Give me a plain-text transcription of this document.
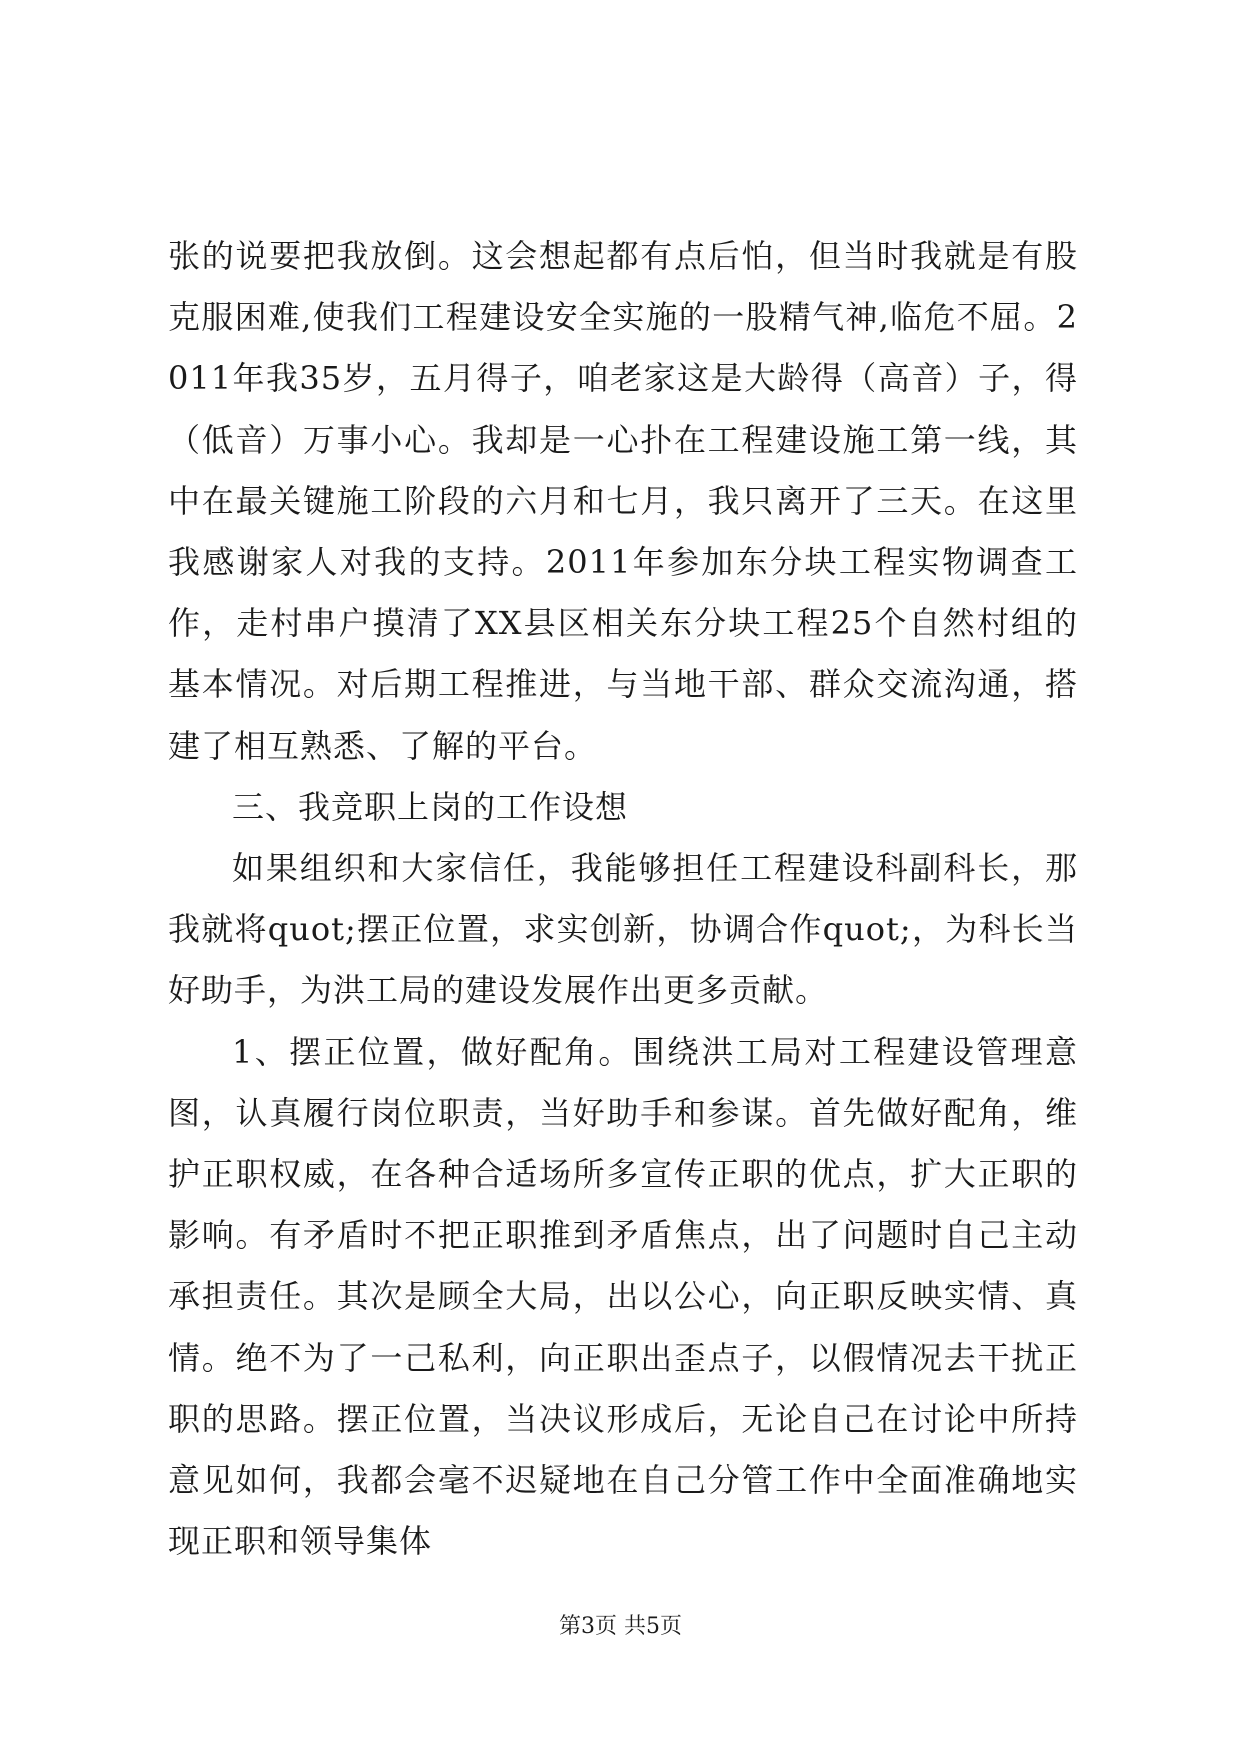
张的说要把我放倒。这会想起都有点后怕，但当时我就是有股克服困难,使我们工程建设安全实施的一股精气神,临危不屈。2011年我35岁，五月得子，咱老家这是大龄得（高音）子，得（低音）万事小心。我却是一心扑在工程建设施工第一线，其中在最关键施工阶段的六月和七月，我只离开了三天。在这里我感谢家人对我的支持。2011年参加东分块工程实物调查工作，走村串户摸清了XX县区相关东分块工程25个自然村组的基本情况。对后期工程推进，与当地干部、群众交流沟通，搭建了相互熟悉、了解的平台。

三、我竞职上岗的工作设想

如果组织和大家信任，我能够担任工程建设科副科长，那我就将quot;摆正位置，求实创新，协调合作quot;，为科长当好助手，为洪工局的建设发展作出更多贡献。

1、摆正位置，做好配角。围绕洪工局对工程建设管理意图，认真履行岗位职责，当好助手和参谋。首先做好配角，维护正职权威，在各种合适场所多宣传正职的优点，扩大正职的影响。有矛盾时不把正职推到矛盾焦点，出了问题时自己主动承担责任。其次是顾全大局，出以公心，向正职反映实情、真情。绝不为了一己私利，向正职出歪点子，以假情况去干扰正职的思路。摆正位置，当决议形成后，无论自己在讨论中所持意见如何，我都会毫不迟疑地在自己分管工作中全面准确地实现正职和领导集体

第3页 共5页
